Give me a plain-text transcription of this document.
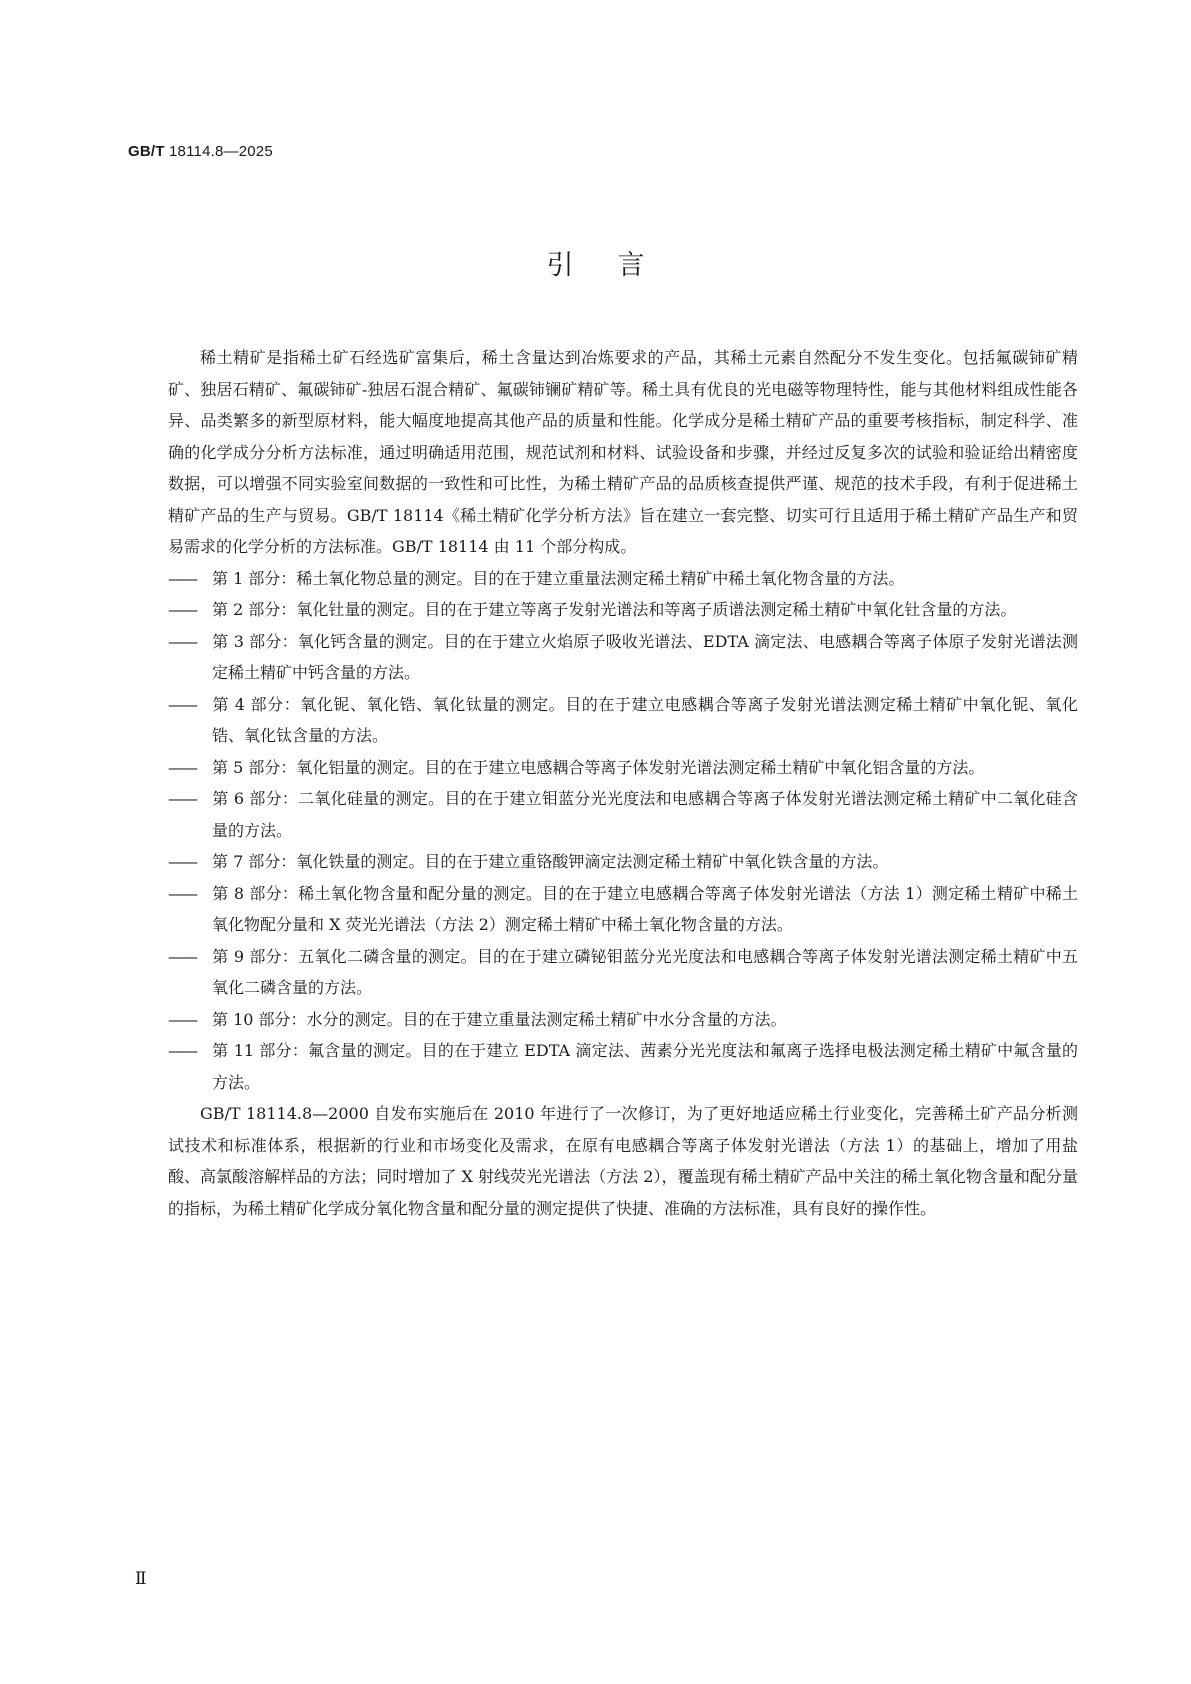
GB/T 18114.8—2025
引言

稀土精矿是指稀土矿石经选矿富集后，稀土含量达到冶炼要求的产品，其稀土元素自然配分不发生变化。包括氟碳铈矿精矿、独居石精矿、氟碳铈矿-独居石混合精矿、氟碳铈镧矿精矿等。稀土具有优良的光电磁等物理特性，能与其他材料组成性能各异、品类繁多的新型原材料，能大幅度地提高其他产品的质量和性能。化学成分是稀土精矿产品的重要考核指标，制定科学、准确的化学成分分析方法标准，通过明确适用范围，规范试剂和材料、试验设备和步骤，并经过反复多次的试验和验证给出精密度数据，可以增强不同实验室间数据的一致性和可比性，为稀土精矿产品的品质核查提供严谨、规范的技术手段，有利于促进稀土精矿产品的生产与贸易。GB/T 18114《稀土精矿化学分析方法》旨在建立一套完整、切实可行且适用于稀土精矿产品生产和贸易需求的化学分析的方法标准。GB/T 18114 由 11 个部分构成。

—— 第 1 部分：稀土氧化物总量的测定。目的在于建立重量法测定稀土精矿中稀土氧化物含量的方法。
—— 第 2 部分：氧化钍量的测定。目的在于建立等离子发射光谱法和等离子质谱法测定稀土精矿中氧化钍含量的方法。
—— 第 3 部分：氧化钙含量的测定。目的在于建立火焰原子吸收光谱法、EDTA 滴定法、电感耦合等离子体原子发射光谱法测定稀土精矿中钙含量的方法。
—— 第 4 部分：氧化铌、氧化锆、氧化钛量的测定。目的在于建立电感耦合等离子发射光谱法测定稀土精矿中氧化铌、氧化锆、氧化钛含量的方法。
—— 第 5 部分：氧化铝量的测定。目的在于建立电感耦合等离子体发射光谱法测定稀土精矿中氧化铝含量的方法。
—— 第 6 部分：二氧化硅量的测定。目的在于建立钼蓝分光光度法和电感耦合等离子体发射光谱法测定稀土精矿中二氧化硅含量的方法。
—— 第 7 部分：氧化铁量的测定。目的在于建立重铬酸钾滴定法测定稀土精矿中氧化铁含量的方法。
—— 第 8 部分：稀土氧化物含量和配分量的测定。目的在于建立电感耦合等离子体发射光谱法（方法 1）测定稀土精矿中稀土氧化物配分量和 X 荧光光谱法（方法 2）测定稀土精矿中稀土氧化物含量的方法。
—— 第 9 部分：五氧化二磷含量的测定。目的在于建立磷铋钼蓝分光光度法和电感耦合等离子体发射光谱法测定稀土精矿中五氧化二磷含量的方法。
—— 第 10 部分：水分的测定。目的在于建立重量法测定稀土精矿中水分含量的方法。
—— 第 11 部分：氟含量的测定。目的在于建立 EDTA 滴定法、茜素分光光度法和氟离子选择电极法测定稀土精矿中氟含量的方法。

GB/T 18114.8—2000 自发布实施后在 2010 年进行了一次修订，为了更好地适应稀土行业变化，完善稀土矿产品分析测试技术和标准体系，根据新的行业和市场变化及需求，在原有电感耦合等离子体发射光谱法（方法 1）的基础上，增加了用盐酸、高氯酸溶解样品的方法；同时增加了 X 射线荧光光谱法（方法 2），覆盖现有稀土精矿产品中关注的稀土氧化物含量和配分量的指标，为稀土精矿化学成分氧化物含量和配分量的测定提供了快捷、准确的方法标准，具有良好的操作性。

Ⅱ
